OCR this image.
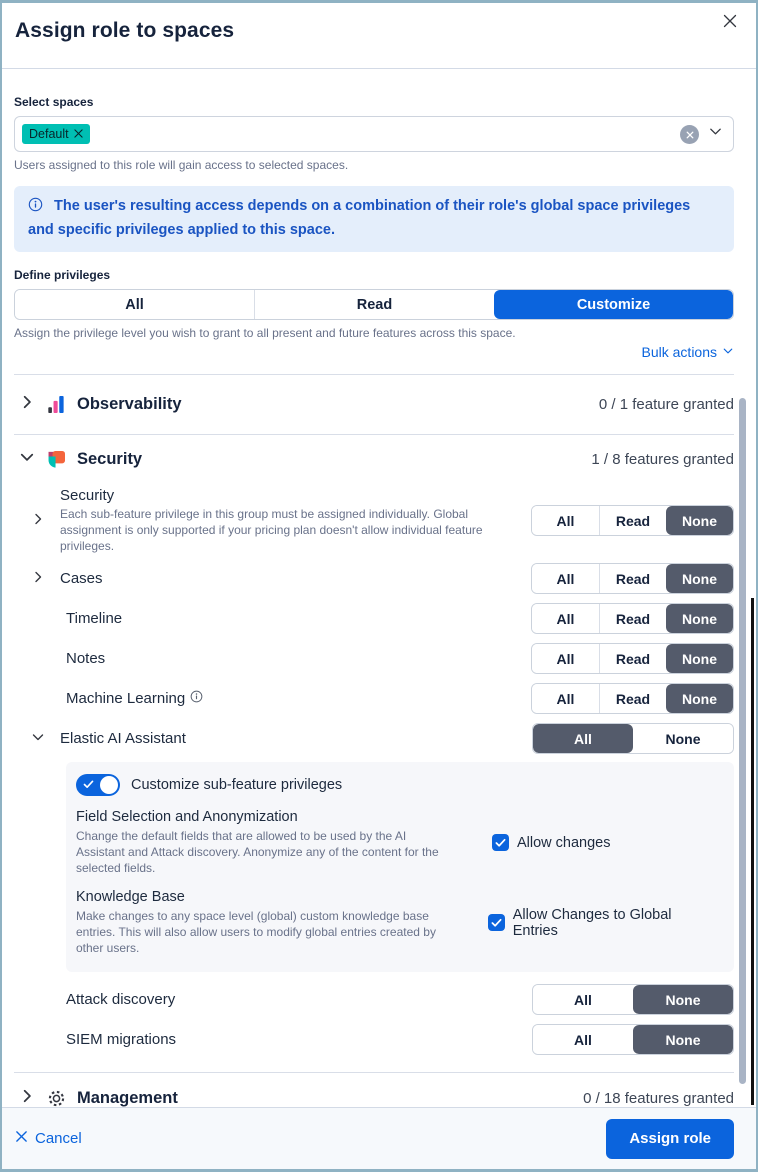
Assign role to spaces
Select spaces
Default
Users assigned to this role will gain access to selected spaces.
The user's resulting access depends on a combination of their role's global space privileges and specific privileges applied to this space.
Define privileges
All	Read	Customize
Assign the privilege level you wish to grant to all present and future features across this space.
Bulk actions
Observability	0 / 1 feature granted
Security	1 / 8 features granted
Security
Each sub-feature privilege in this group must be assigned individually. Global assignment is only supported if your pricing plan doesn't allow individual feature privileges.
All	Read	None
Cases	All	Read	None
Timeline	All	Read	None
Notes	All	Read	None
Machine Learning	All	Read	None
Elastic AI Assistant	All	None
Customize sub-feature privileges
Field Selection and Anonymization
Change the default fields that are allowed to be used by the AI Assistant and Attack discovery. Anonymize any of the content for the selected fields.
Allow changes
Knowledge Base
Make changes to any space level (global) custom knowledge base entries. This will also allow users to modify global entries created by other users.
Allow Changes to Global Entries
Attack discovery	All	None
SIEM migrations	All	None
Management	0 / 18 features granted
Cancel	Assign role
